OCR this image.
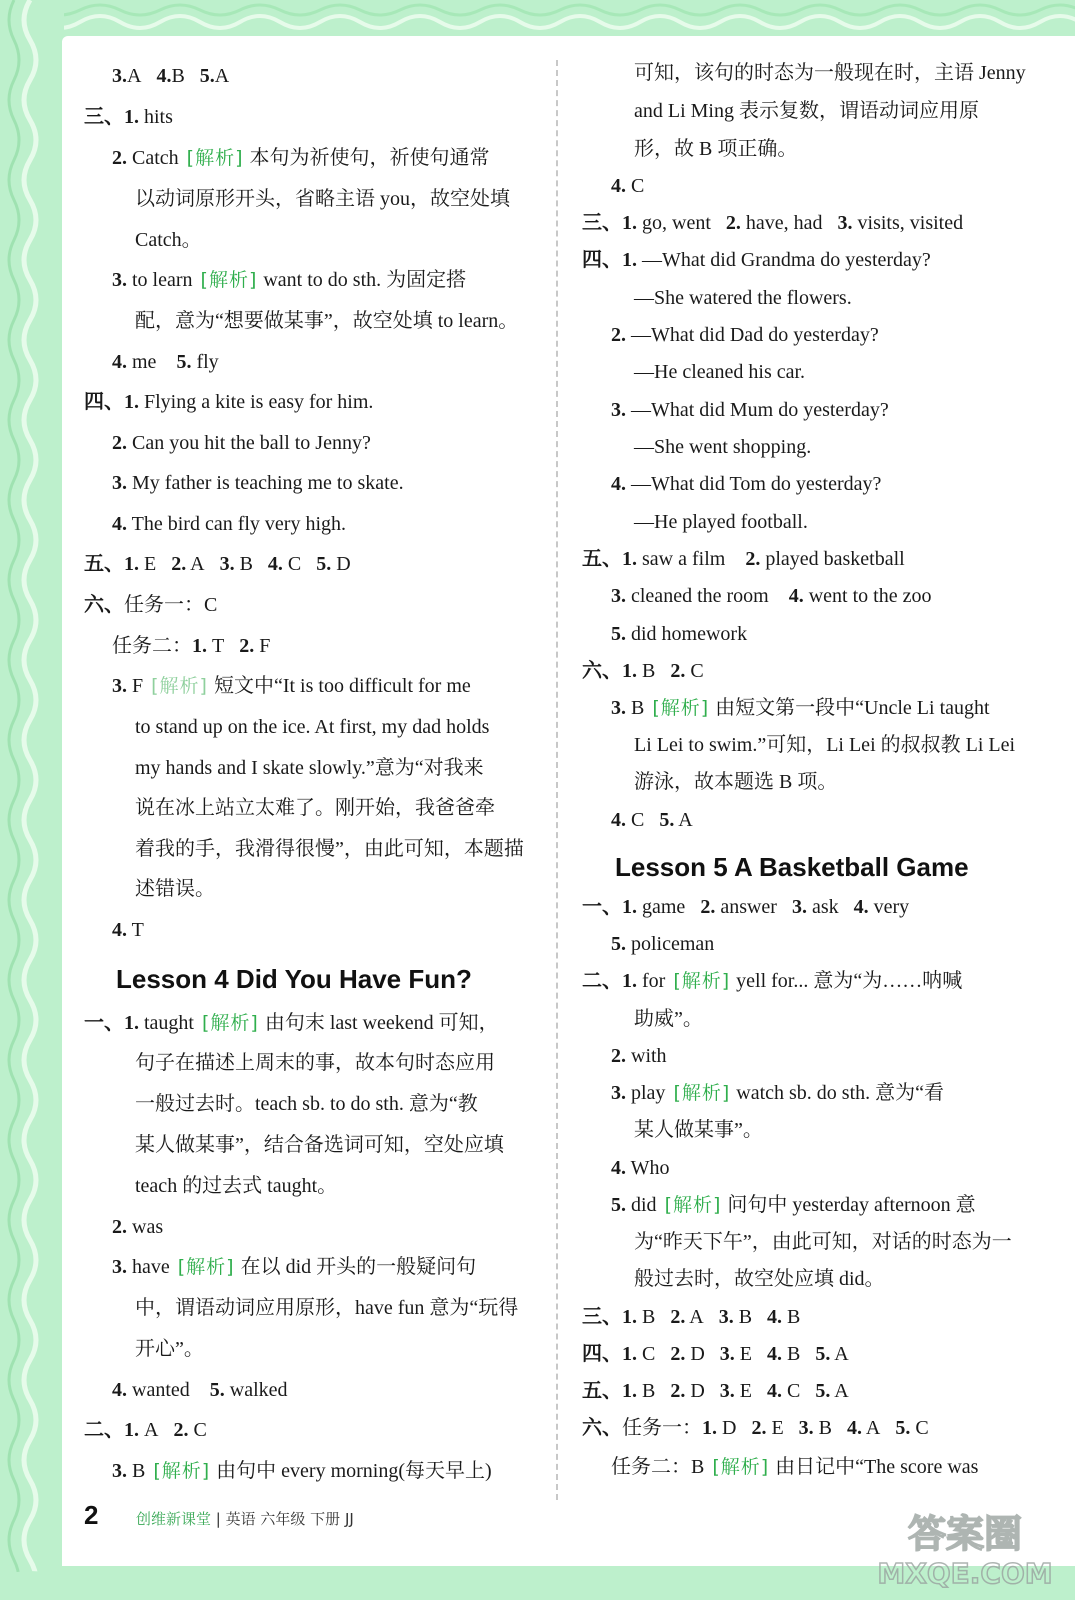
3.A 4.B 5.A
三、1. hits
2. Catch [解析] 本句为祈使句，祈使句通常
以动词原形开头，省略主语 you，故空处填
Catch。
3. to learn [解析] want to do sth. 为固定搭
配，意为“想要做某事”，故空处填 to learn。
4. me 5. fly
四、1. Flying a kite is easy for him.
2. Can you hit the ball to Jenny?
3. My father is teaching me to skate.
4. The bird can fly very high.
五、1. E 2. A 3. B 4. C 5. D
六、任务一：C
任务二：1. T 2. F
3. F [解析] 短文中“It is too difficult for me
to stand up on the ice. At first, my dad holds
my hands and I skate slowly.”意为“对我来
说在冰上站立太难了。刚开始，我爸爸牵
着我的手，我滑得很慢”，由此可知，本题描
述错误。
4. T
Lesson 4 Did You Have Fun?
一、1. taught [解析] 由句末 last weekend 可知，
句子在描述上周末的事，故本句时态应用
一般过去时。teach sb. to do sth. 意为“教
某人做某事”，结合备选词可知，空处应填
teach 的过去式 taught。
2. was
3. have [解析] 在以 did 开头的一般疑问句
中，谓语动词应用原形，have fun 意为“玩得
开心”。
4. wanted 5. walked
二、1. A 2. C
3. B [解析] 由句中 every morning(每天早上)
可知，该句的时态为一般现在时，主语 Jenny
and Li Ming 表示复数，谓语动词应用原
形，故 B 项正确。
4. C
三、1. go, went 2. have, had 3. visits, visited
四、1. —What did Grandma do yesterday?
—She watered the flowers.
2. —What did Dad do yesterday?
—He cleaned his car.
3. —What did Mum do yesterday?
—She went shopping.
4. —What did Tom do yesterday?
—He played football.
五、1. saw a film 2. played basketball
3. cleaned the room 4. went to the zoo
5. did homework
六、1. B 2. C
3. B [解析] 由短文第一段中“Uncle Li taught
Li Lei to swim.”可知，Li Lei 的叔叔教 Li Lei
游泳，故本题选 B 项。
4. C 5. A
Lesson 5 A Basketball Game
一、1. game 2. answer 3. ask 4. very
5. policeman
二、1. for [解析] yell for... 意为“为……呐喊
助威”。
2. with
3. play [解析] watch sb. do sth. 意为“看
某人做某事”。
4. Who
5. did [解析] 问句中 yesterday afternoon 意
为“昨天下午”，由此可知，对话的时态为一
般过去时，故空处应填 did。
三、1. B 2. A 3. B 4. B
四、1. C 2. D 3. E 4. B 5. A
五、1. B 2. D 3. E 4. C 5. A
六、任务一：1. D 2. E 3. B 4. A 5. C
任务二：B [解析] 由日记中“The score was
2	创维新课堂 | 英语 六年级 下册 JJ	答案圈
MXQE.COM
